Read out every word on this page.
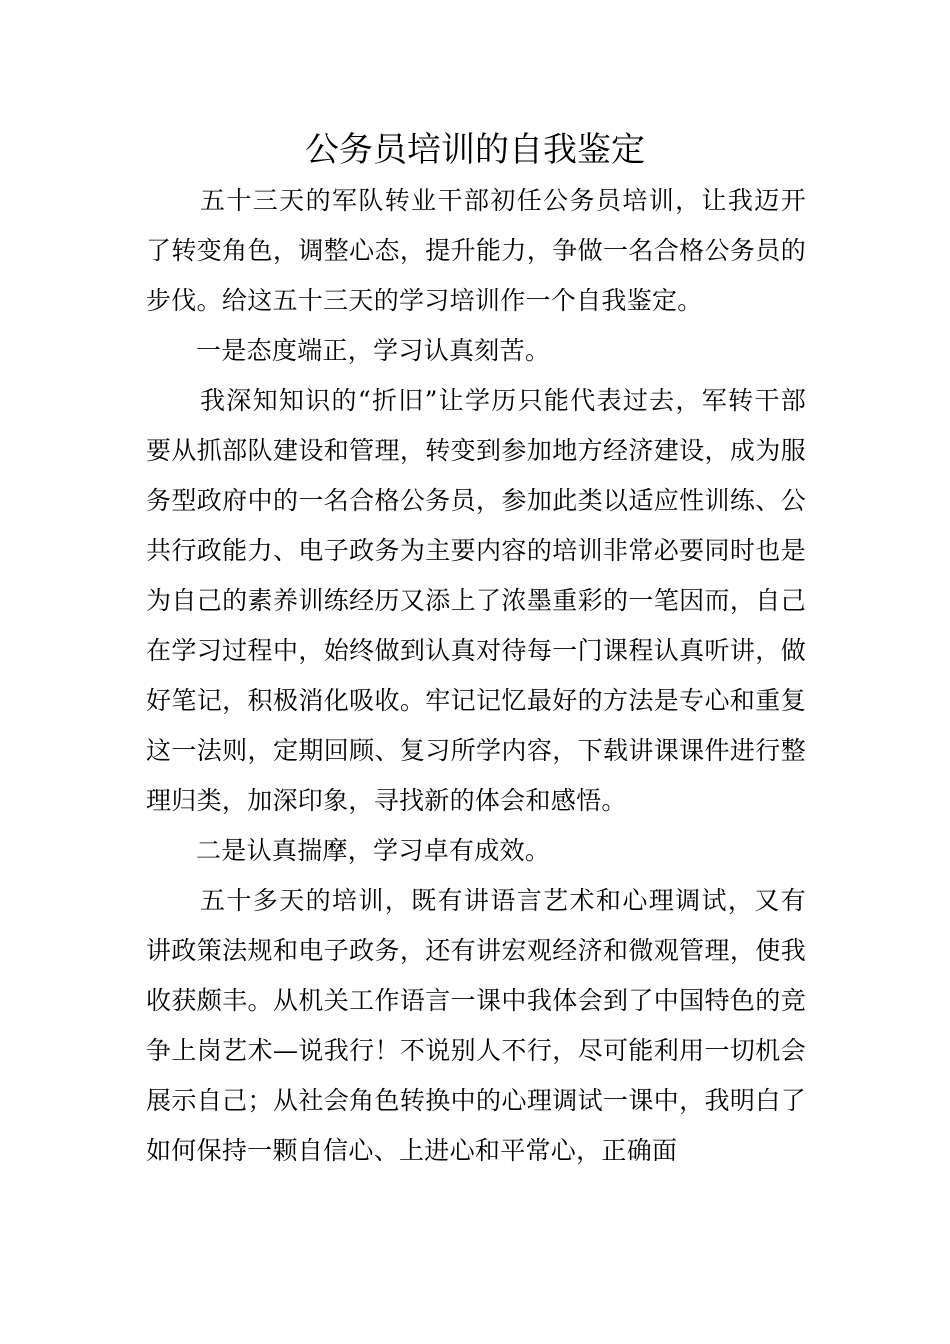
公务员培训的自我鉴定

五十三天的军队转业干部初任公务员培训，让我迈开了转变角色，调整心态，提升能力，争做一名合格公务员的步伐。给这五十三天的学习培训作一个自我鉴定。

一是态度端正，学习认真刻苦。

我深知知识的“折旧”让学历只能代表过去，军转干部要从抓部队建设和管理，转变到参加地方经济建设，成为服务型政府中的一名合格公务员，参加此类以适应性训练、公共行政能力、电子政务为主要内容的培训非常必要同时也是为自己的素养训练经历又添上了浓墨重彩的一笔因而，自己在学习过程中，始终做到认真对待每一门课程认真听讲，做好笔记，积极消化吸收。牢记记忆最好的方法是专心和重复这一法则，定期回顾、复习所学内容，下载讲课课件进行整理归类，加深印象，寻找新的体会和感悟。

二是认真揣摩，学习卓有成效。

五十多天的培训，既有讲语言艺术和心理调试，又有讲政策法规和电子政务，还有讲宏观经济和微观管理，使我收获颇丰。从机关工作语言一课中我体会到了中国特色的竞争上岗艺术—说我行！不说别人不行，尽可能利用一切机会展示自己；从社会角色转换中的心理调试一课中，我明白了如何保持一颗自信心、上进心和平常心，正确面
